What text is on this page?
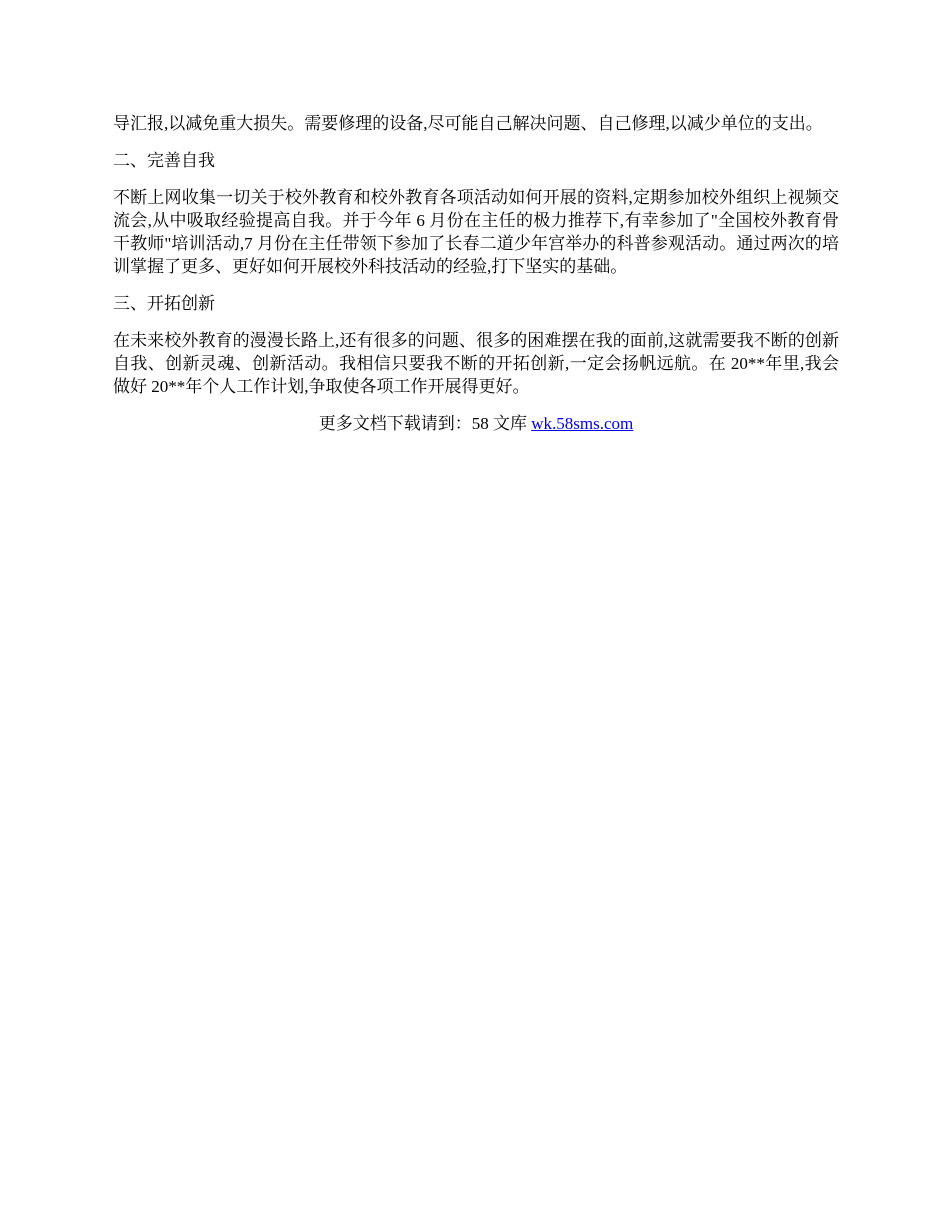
导汇报,以减免重大损失。需要修理的设备,尽可能自己解决问题、自己修理,以减少单位的支出。

二、完善自我

不断上网收集一切关于校外教育和校外教育各项活动如何开展的资料,定期参加校外组织上视频交流会,从中吸取经验提高自我。并于今年 6 月份在主任的极力推荐下,有幸参加了"全国校外教育骨干教师"培训活动,7 月份在主任带领下参加了长春二道少年宫举办的科普参观活动。通过两次的培训掌握了更多、更好如何开展校外科技活动的经验,打下坚实的基础。

三、开拓创新

在未来校外教育的漫漫长路上,还有很多的问题、很多的困难摆在我的面前,这就需要我不断的创新自我、创新灵魂、创新活动。我相信只要我不断的开拓创新,一定会扬帆远航。在 20**年里,我会做好 20**年个人工作计划,争取使各项工作开展得更好。

更多文档下载请到：58 文库 wk.58sms.com
